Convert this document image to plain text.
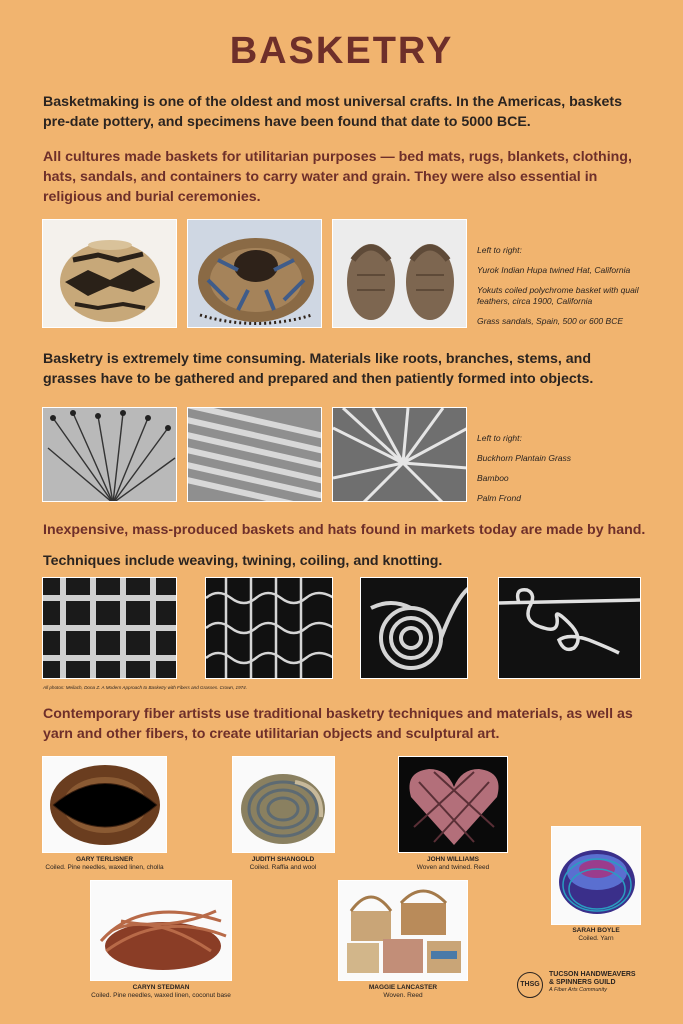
BASKETRY
Basketmaking is one of the oldest and most universal crafts. In the Americas, baskets pre-date pottery, and specimens have been found that date to 5000 BCE.
All cultures made baskets for utilitarian purposes — bed mats, rugs, blankets, clothing, hats, sandals, and containers to carry water and grain. They were also essential in religious and burial ceremonies.
Left to right:
Yurok Indian Hupa twined Hat, California
Yokuts coiled polychrome basket with quail feathers, circa 1900, California
Grass sandals, Spain, 500 or 600 BCE
Basketry is extremely time consuming. Materials like roots, branches, stems, and grasses have to be gathered and prepared and then patiently formed into objects.
Left to right:
Buckhorn Plantain Grass
Bamboo
Palm Frond
Inexpensive, mass-produced baskets and hats found in markets today are made by hand.
Techniques include weaving, twining, coiling, and knotting.
All photos: Meilach, Dona Z. A Modern Approach to Basketry with Fibers and Grasses. Crown, 1974.
Contemporary fiber artists use traditional basketry techniques and materials, as well as yarn and other fibers, to create utilitarian objects and sculptural art.
GARY TERLISNER
Coiled. Pine needles, waxed linen, cholla
JUDITH SHANGOLD
Coiled. Raffia and wool
JOHN WILLIAMS
Woven and twined. Reed
SARAH BOYLE
Coiled. Yarn
CARYN STEDMAN
Coiled. Pine needles, waxed linen, coconut base
MAGGIE LANCASTER
Woven. Reed
THSG
TUCSON HANDWEAVERS
& SPINNERS GUILD
A Fiber Arts Community
